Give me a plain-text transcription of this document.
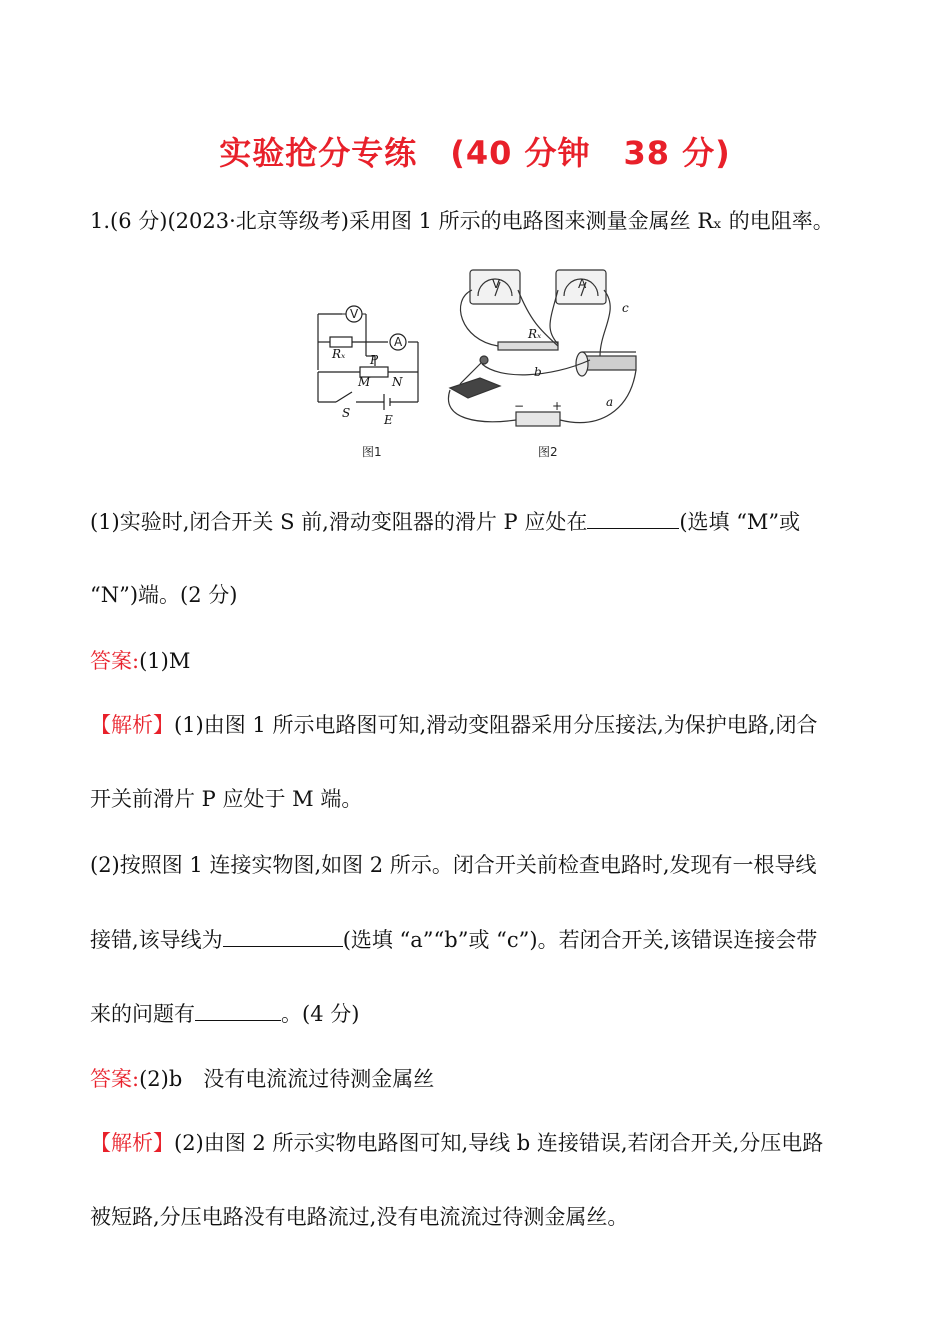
实验抢分专练　(40 分钟　38 分)
1.(6 分)(2023·北京等级考)采用图 1 所示的电路图来测量金属丝 Rₓ 的电阻率。
V
A
Rₓ P
M N
S	E
图1
V	A
Rₓ
c
b
a
− +
图2
(1)实验时,闭合开关 S 前,滑动变阻器的滑片 P 应处在	(选填 “M”或
“N”)端。(2 分)
答案:(1)M
【解析】(1)由图 1 所示电路图可知,滑动变阻器采用分压接法,为保护电路,闭合
开关前滑片 P 应处于 M 端。
(2)按照图 1 连接实物图,如图 2 所示。闭合开关前检查电路时,发现有一根导线
接错,该导线为	(选填 “a”“b”或 “c”)。若闭合开关,该错误连接会带
来的问题有	。(4 分)
答案:(2)b　没有电流流过待测金属丝
【解析】(2)由图 2 所示实物电路图可知,导线 b 连接错误,若闭合开关,分压电路
被短路,分压电路没有电路流过,没有电流流过待测金属丝。
